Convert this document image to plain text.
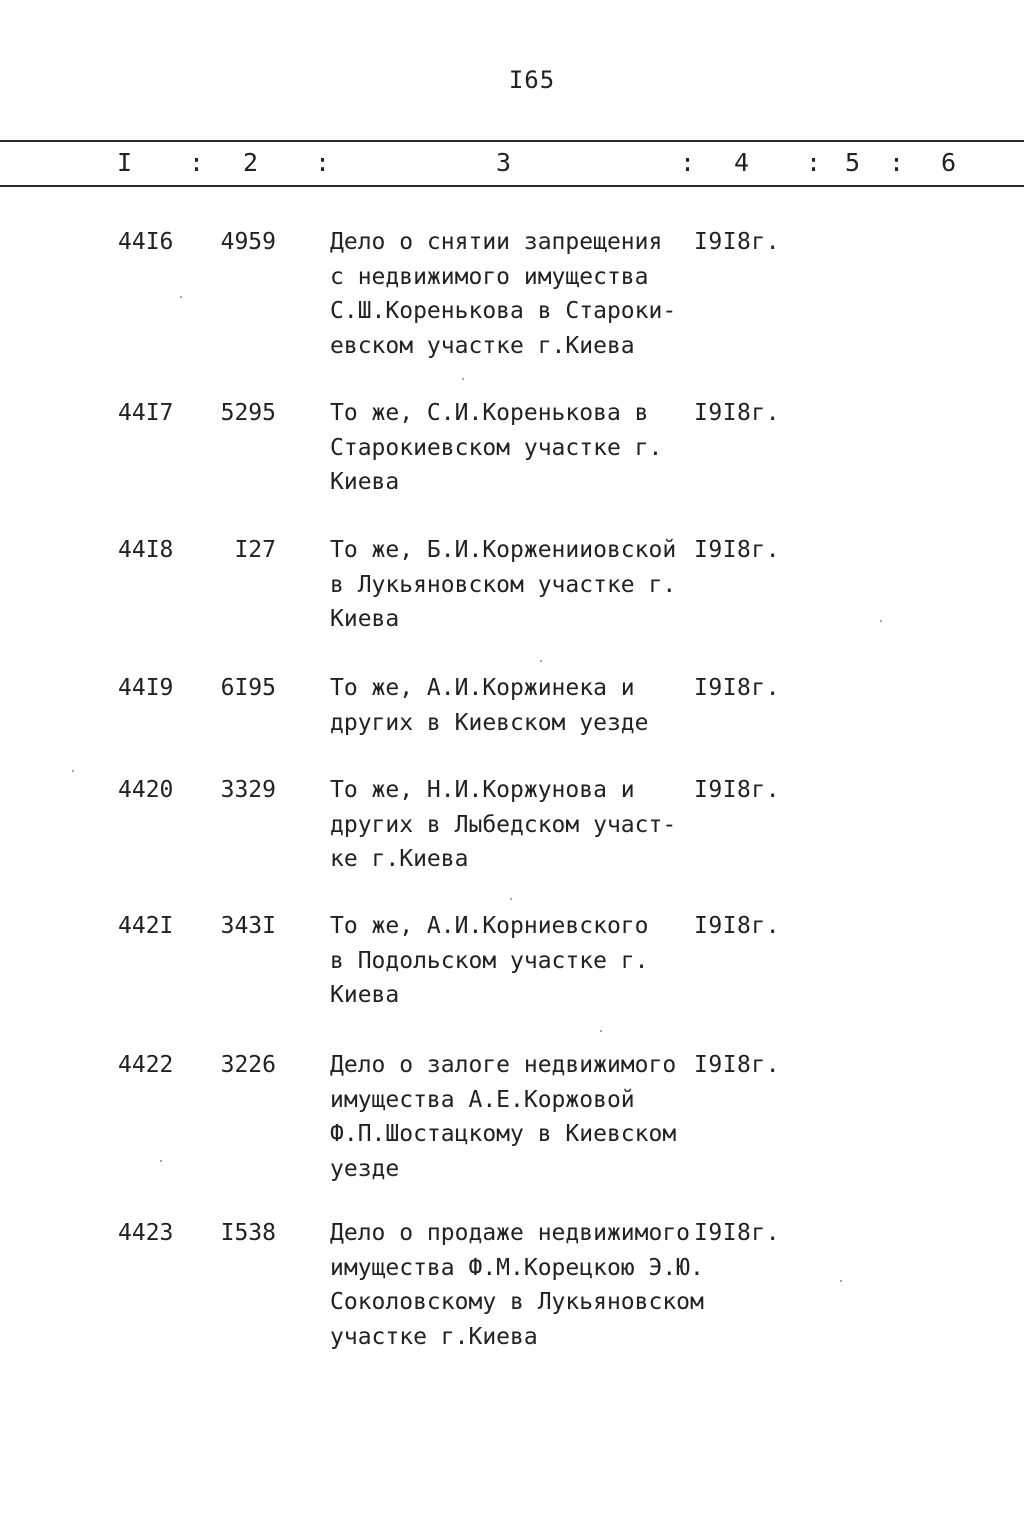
I65
I : 2 :	3	: 4 : 5 : 6
44I6 4959 Дело о снятии запрещения
с недвижимого имущества
С.Ш.Коренькова в Староки-
евском участке г.Киева
I9I8г.
44I7 5295 То же, С.И.Коренькова в
Старокиевском участке г.
Киева
I9I8г.
44I8	I27 То же, Б.И.Корженииовской
в Лукьяновском участке г.
Киева
I9I8г.
44I9 6I95 То же, А.И.Коржинека и
других в Киевском уезде
I9I8г.
4420 3329 То же, Н.И.Коржунова и
других в Лыбедском участ-
ке г.Киева
I9I8г.
442I 343I То же, А.И.Корниевского
в Подольском участке г.
Киева
I9I8г.
4422 3226 Дело о залоге недвижимого
имущества А.Е.Коржовой
Ф.П.Шостацкому в Киевском
уезде
I9I8г.
4423 I538 Дело о продаже недвижимого
имущества Ф.М.Корецкою Э.Ю.
Соколовскому в Лукьяновском
участке г.Киева
I9I8г.
